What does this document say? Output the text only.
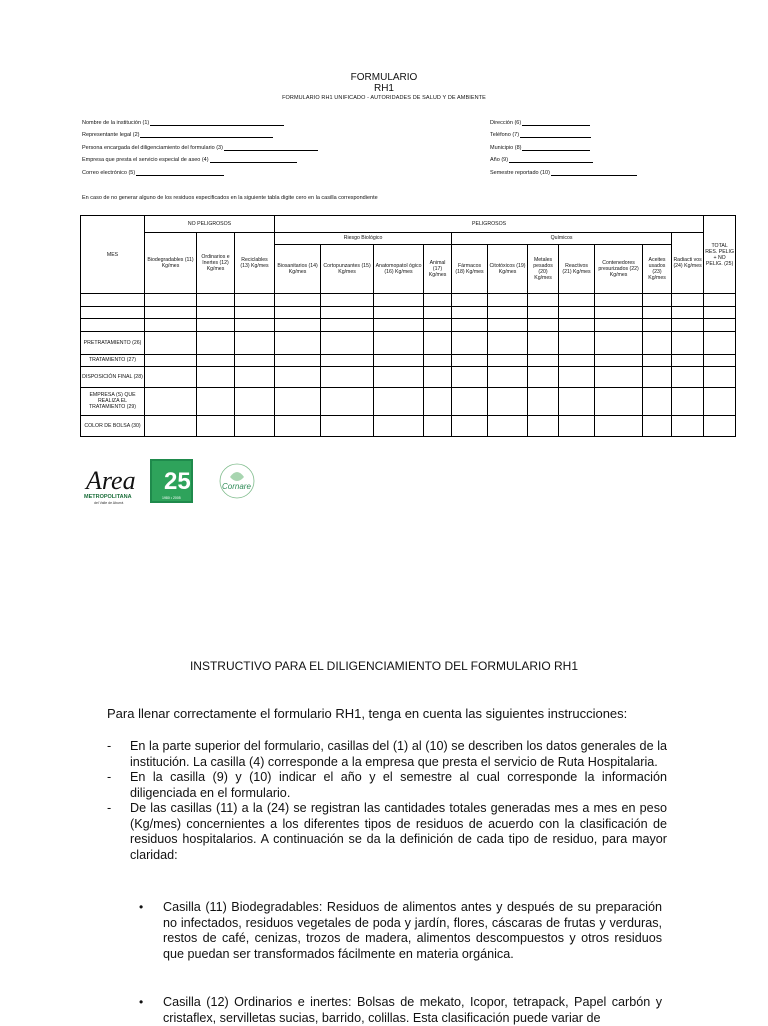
FORMULARIO
RH1
FORMULARIO RH1 UNIFICADO - AUTORIDADES DE SALUD Y DE AMBIENTE
Nombre de la institución (1)
Representante legal (2)
Persona encargada del diligenciamiento del formulario (3)
Empresa que presta el servicio especial de aseo (4)
Correo electrónico (5)
Dirección (6)
Teléfono (7)
Municipio (8)
Año (9)
Semestre reportado (10)
En caso de no generar alguno de los residuos especificados en la siguiente tabla digite cero en la casilla correspondiente
MES	NO PELIGROSOS			PELIGROSOS											TOTAL RES. PELIG + NO PELIG. (25)
	Biodegradables (11) Kg/mes	Ordinarios e Inertes (12) Kg/mes	Reciclables (13) Kg/mes	Riesgo Biológico				Químicos						Radiacti vos (24) Kg/mes	
				Biosanitarios (14) Kg/mes	Cortopunzantes (15) Kg/mes	Anatomopatol ógico (16) Kg/mes	Animal (17) Kg/mes	Fármacos (18) Kg/mes	Citotóxicos (19) Kg/mes	Metales pesados (20) Kg/mes	Reactivos (21) Kg/mes	Contenedores presurizados (22) Kg/mes	Aceites usados (23) Kg/mes		

PRETRATAMIENTO (26)															
TRATAMIENTO (27)															
DISPOSICIÓN FINAL (28)															
EMPRESA (S) QUE REALIZA EL TRATAMIENTO (29)															
COLOR DE BOLSA (30)															
Area
METROPOLITANA
del Valle de Aburrá
25
1980 • 2005
Cornare
INSTRUCTIVO PARA EL DILIGENCIAMIENTO DEL FORMULARIO RH1
Para llenar correctamente el formulario RH1, tenga en cuenta las siguientes instrucciones:
-	En la parte superior del formulario, casillas del (1) al (10) se describen los datos generales de la institución. La casilla (4) corresponde a la empresa que presta el servicio de Ruta Hospitalaria.
-	En la casilla (9) y (10) indicar el año y el semestre al cual corresponde la información diligenciada en el formulario.
-	De las casillas (11) a la (24) se registran las cantidades totales generadas mes a mes en peso (Kg/mes) concernientes a los diferentes tipos de residuos de acuerdo con la clasificación de residuos hospitalarios. A continuación se da la definición de cada tipo de residuo, para mayor claridad:
•	Casilla (11) Biodegradables: Residuos de alimentos antes y después de su preparación no infectados, residuos vegetales de poda y jardín, flores, cáscaras de frutas y verduras, restos de café, cenizas, trozos de madera, alimentos descompuestos y otros residuos que puedan ser transformados fácilmente en materia orgánica.
•	Casilla (12) Ordinarios e inertes: Bolsas de mekato, Icopor, tetrapack, Papel carbón y cristaflex, servilletas sucias, barrido, colillas. Esta clasificación puede variar de
